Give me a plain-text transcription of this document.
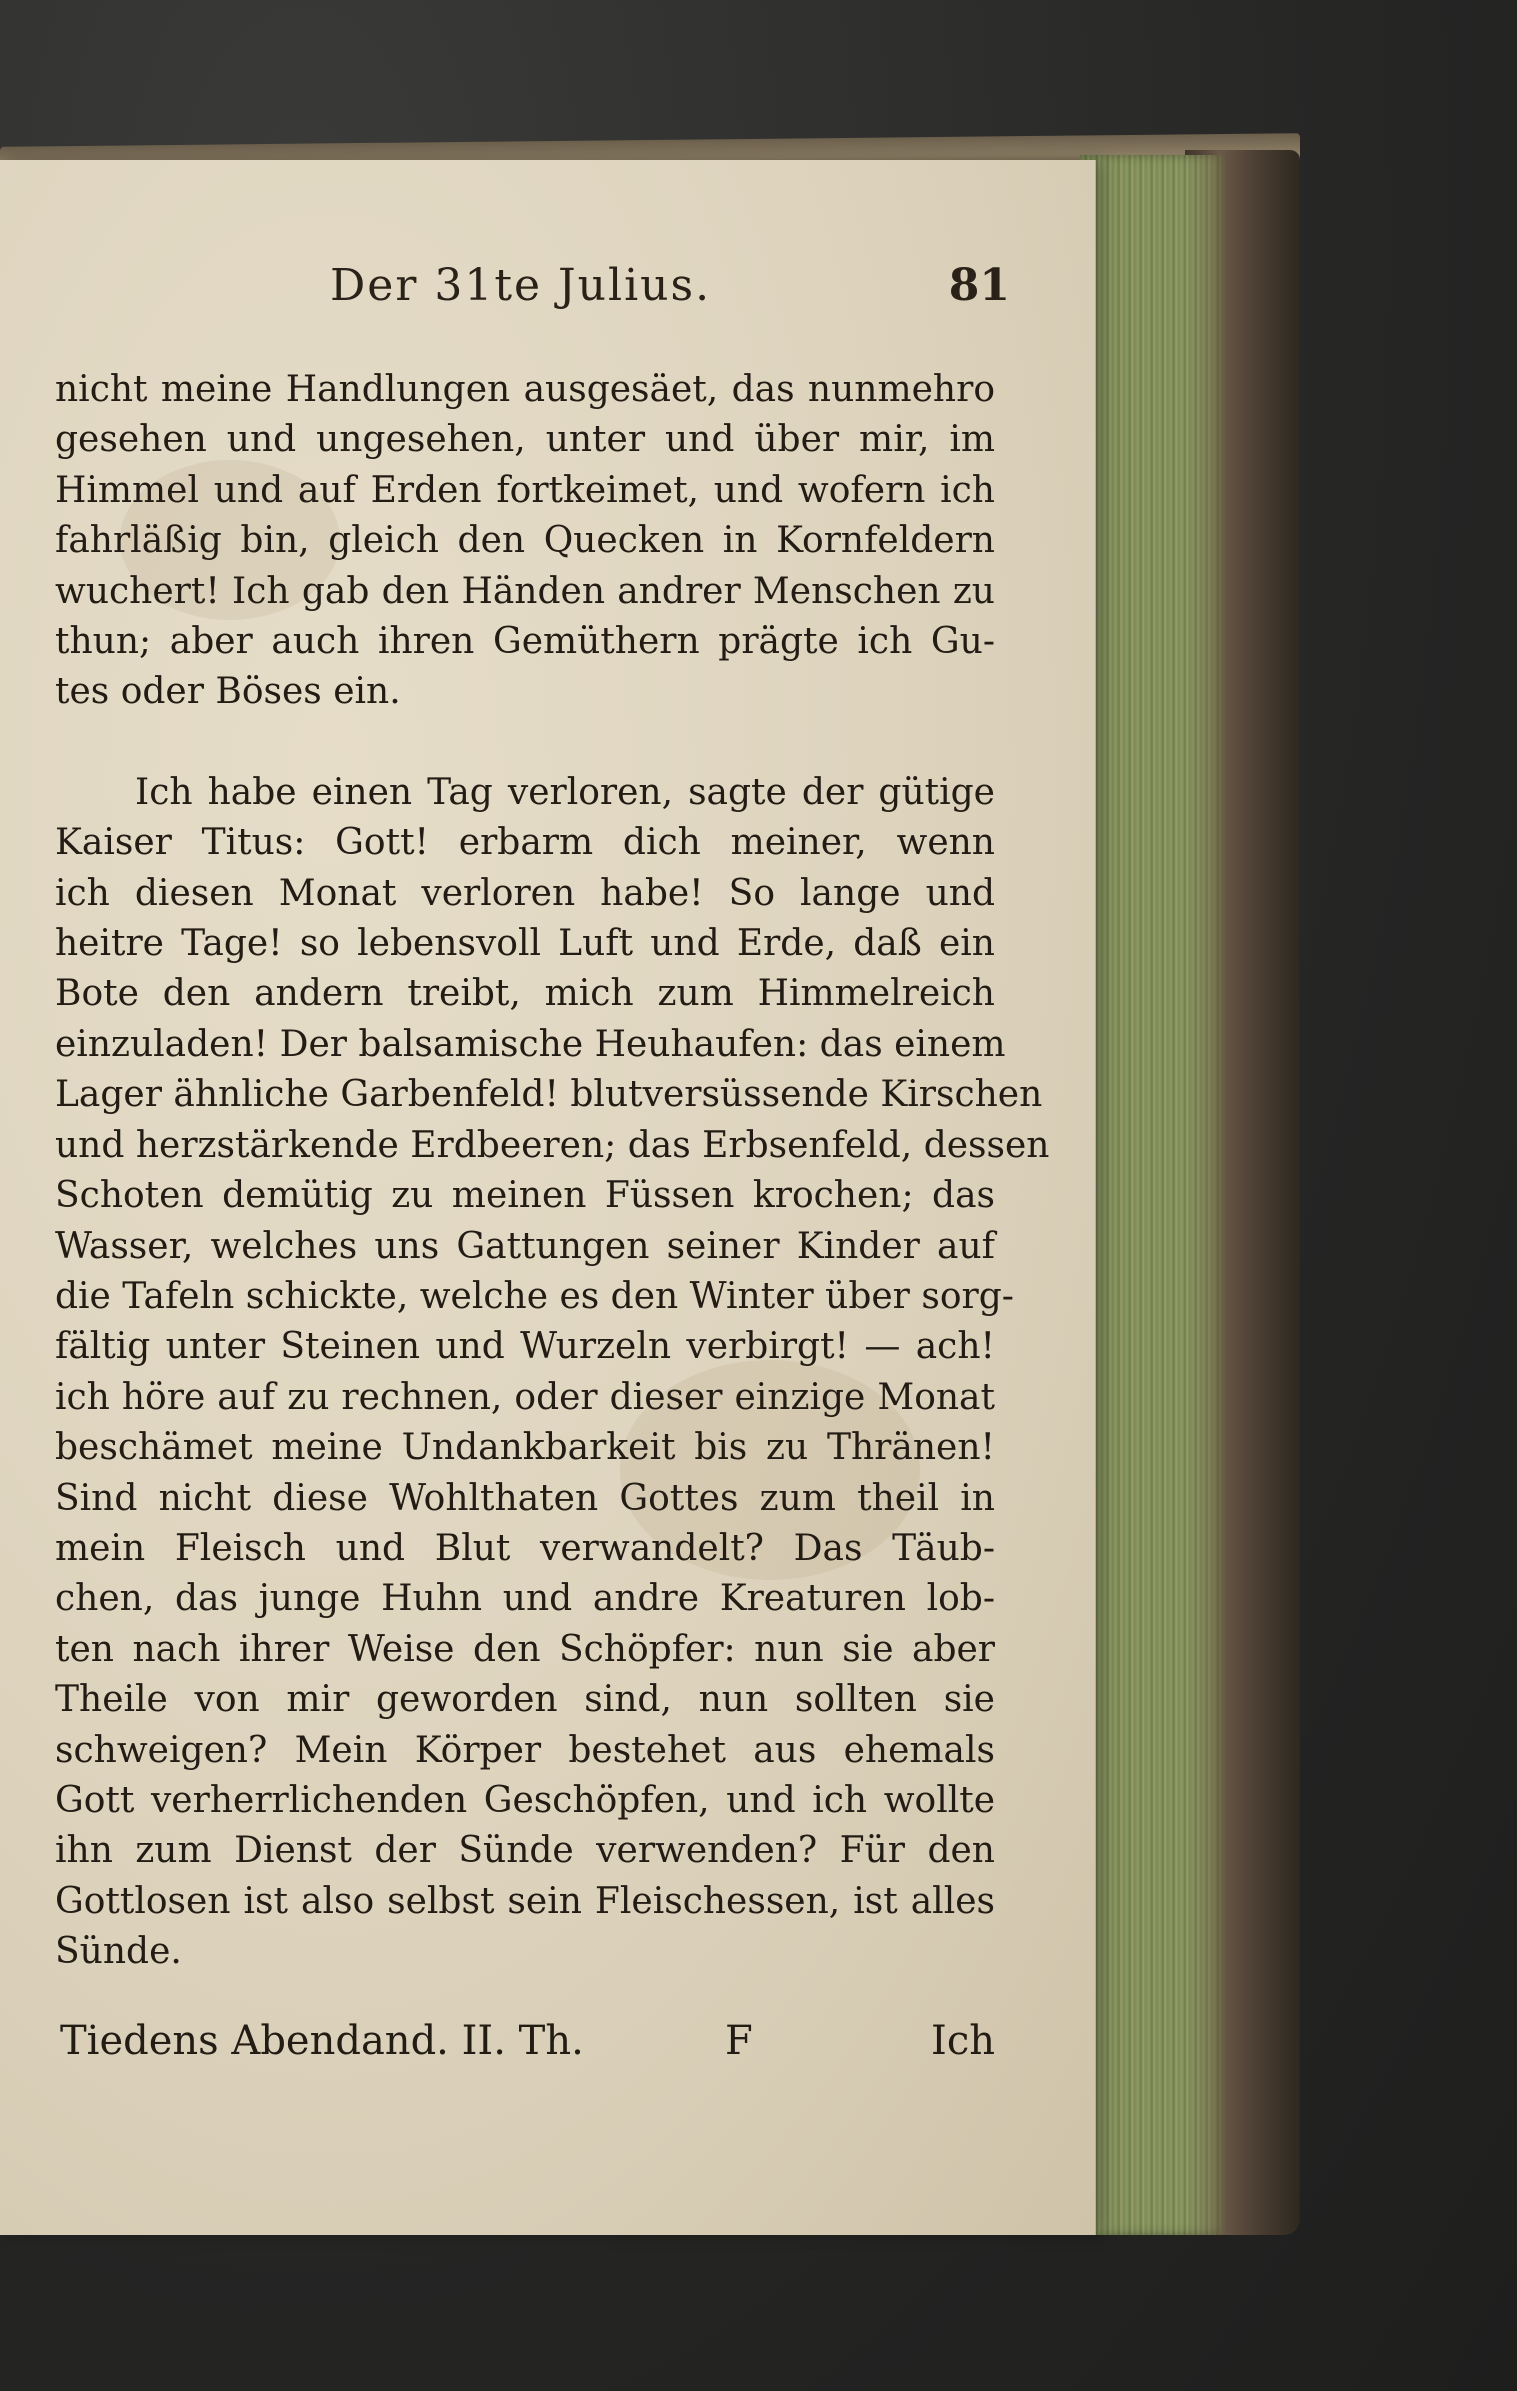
Der 31te Julius.	81

nicht meine Handlungen ausgesäet, das nunmehro
gesehen und ungesehen, unter und über mir, im
Himmel und auf Erden fortkeimet, und wofern ich
fahrläßig bin, gleich den Quecken in Kornfeldern
wuchert! Ich gab den Händen andrer Menschen zu
thun; aber auch ihren Gemüthern prägte ich Gu-
tes oder Böses ein.

Ich habe einen Tag verloren, sagte der gütige
Kaiser Titus: Gott! erbarm dich meiner, wenn
ich diesen Monat verloren habe! So lange und
heitre Tage! so lebensvoll Luft und Erde, daß ein
Bote den andern treibt, mich zum Himmelreich
einzuladen! Der balsamische Heuhaufen: das einem
Lager ähnliche Garbenfeld! blutversüssende Kirschen
und herzstärkende Erdbeeren; das Erbsenfeld, dessen
Schoten demütig zu meinen Füssen krochen; das
Wasser, welches uns Gattungen seiner Kinder auf
die Tafeln schickte, welche es den Winter über sorg-
fältig unter Steinen und Wurzeln verbirgt! — ach!
ich höre auf zu rechnen, oder dieser einzige Monat
beschämet meine Undankbarkeit bis zu Thränen!
Sind nicht diese Wohlthaten Gottes zum theil in
mein Fleisch und Blut verwandelt? Das Täub-
chen, das junge Huhn und andre Kreaturen lob-
ten nach ihrer Weise den Schöpfer: nun sie aber
Theile von mir geworden sind, nun sollten sie
schweigen? Mein Körper bestehet aus ehemals
Gott verherrlichenden Geschöpfen, und ich wollte
ihn zum Dienst der Sünde verwenden? Für den
Gottlosen ist also selbst sein Fleischessen, ist alles
Sünde.

Tiedens Abendand. II. Th.	F	Ich
